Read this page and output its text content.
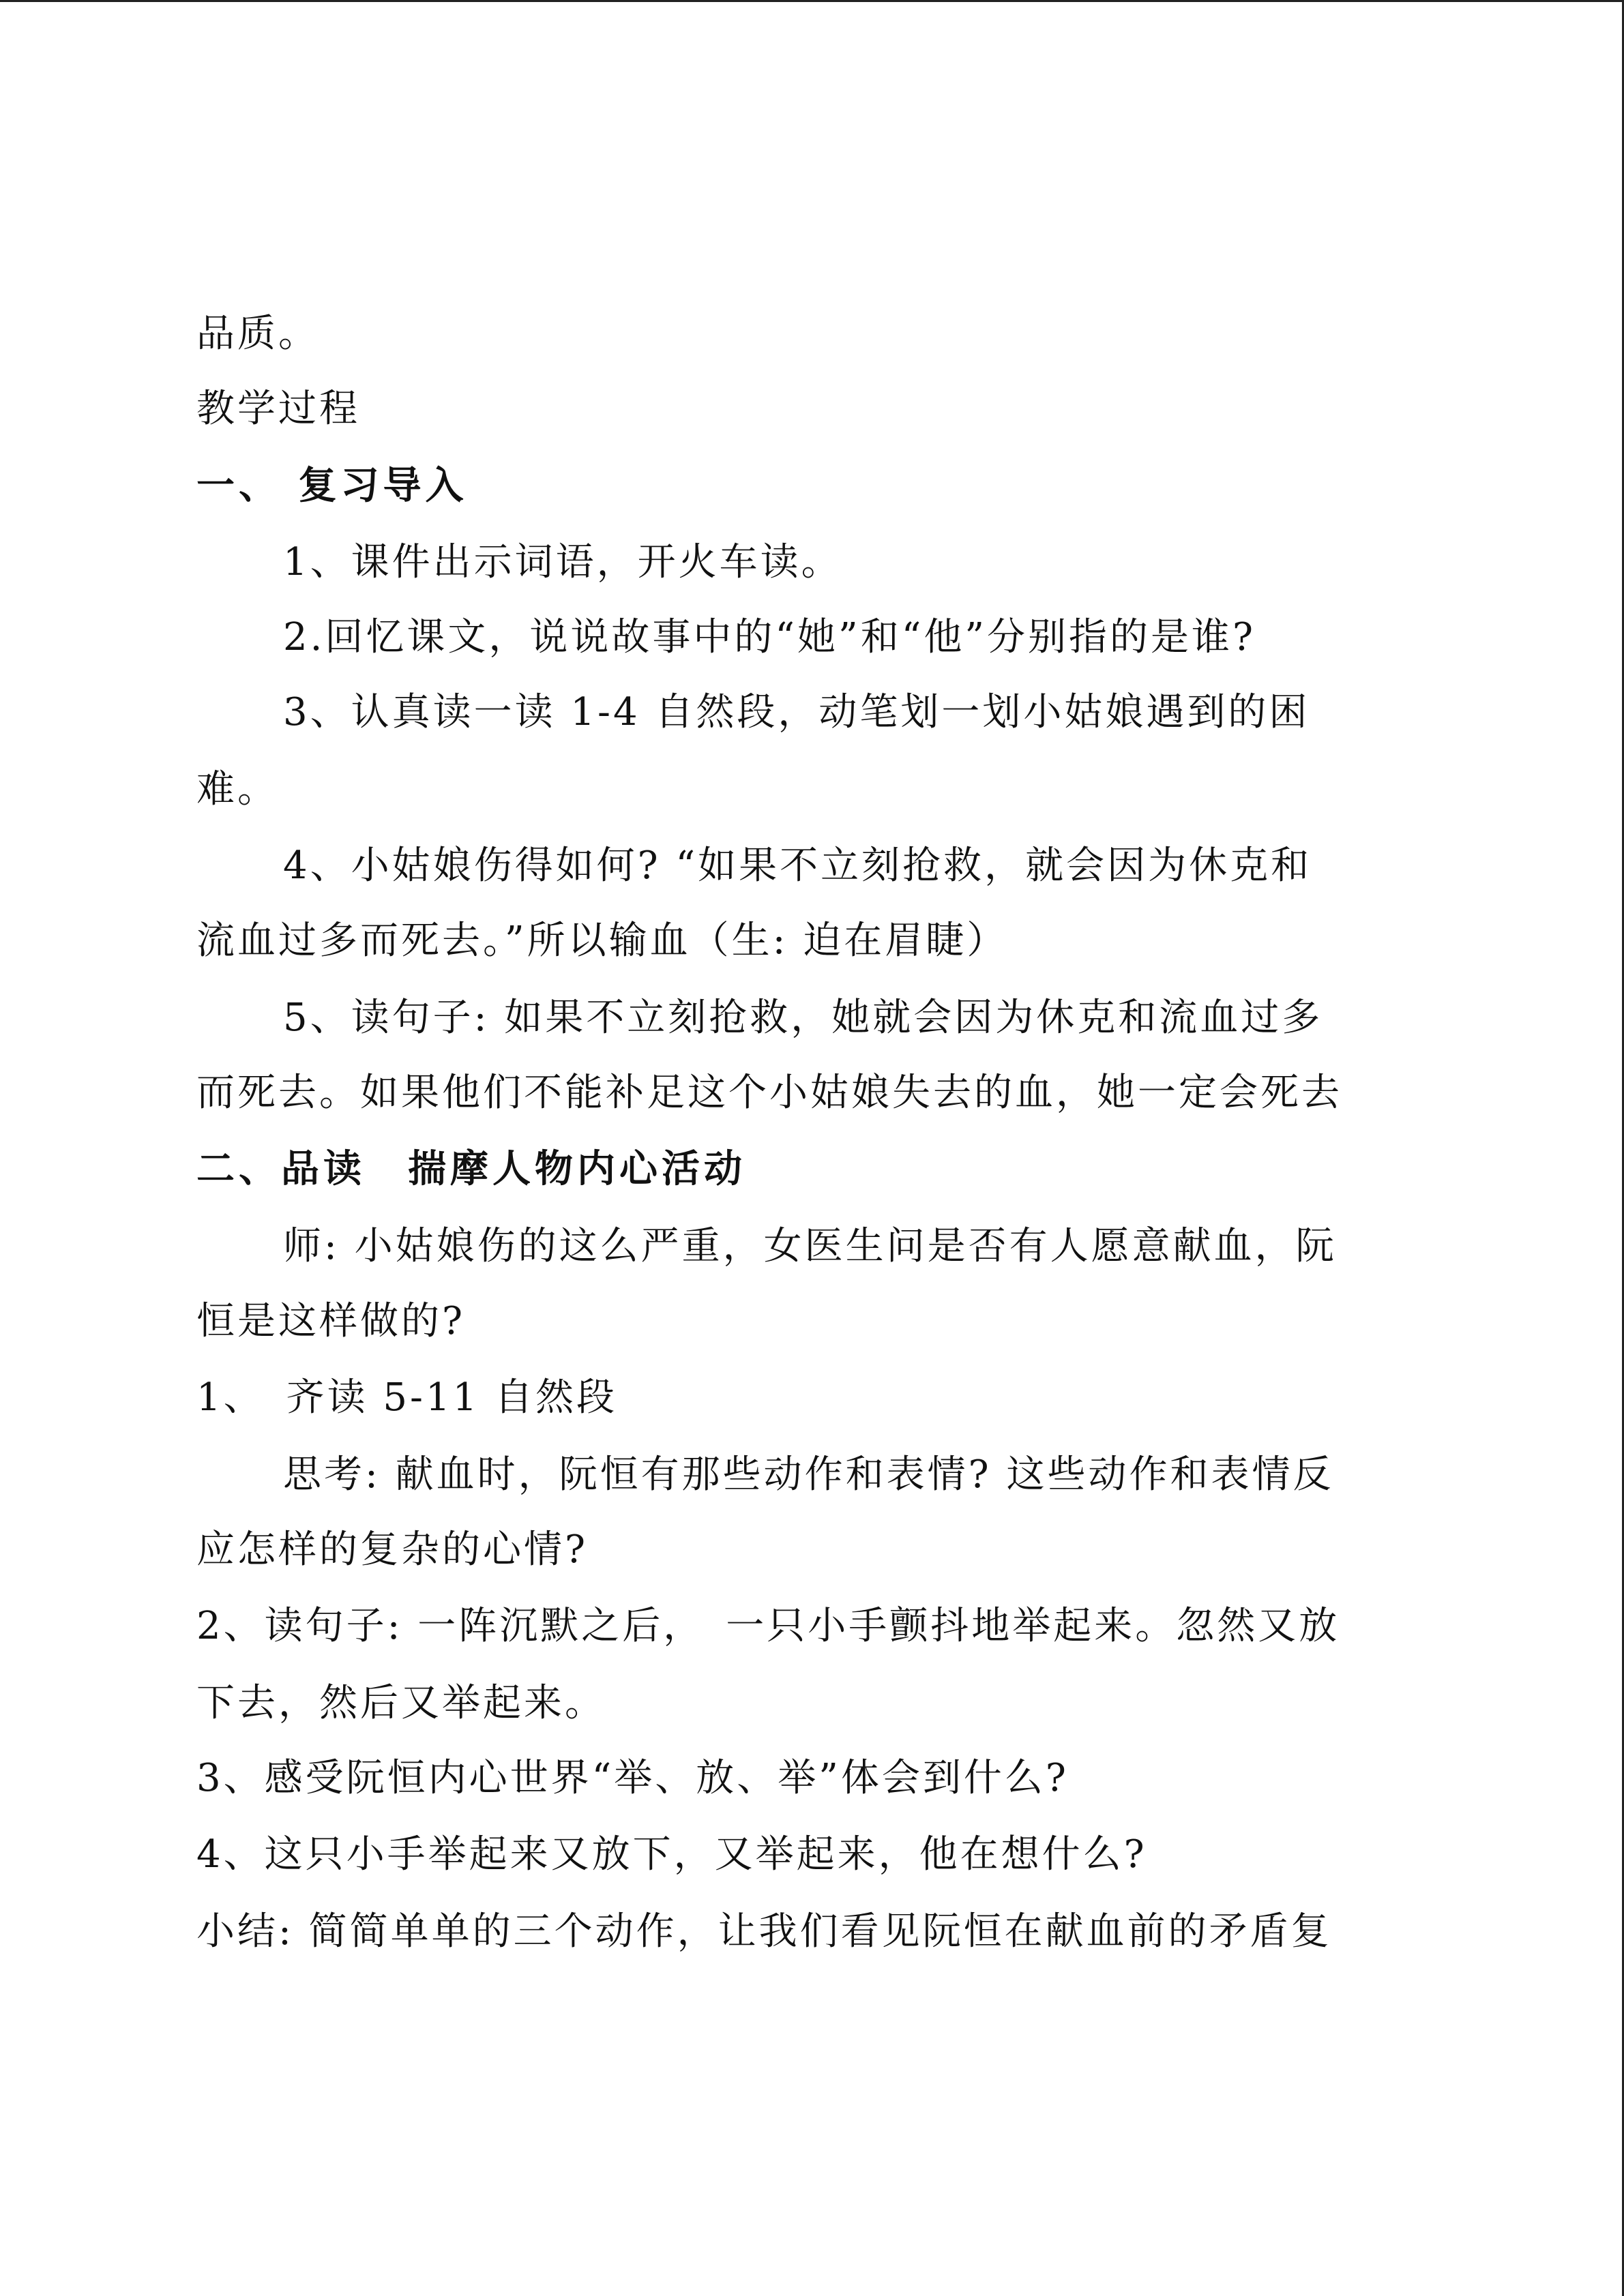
品质。
教学过程
一、 复习导入
1、课件出示词语，开火车读。
2.回忆课文，说说故事中的“她”和“他”分别指的是谁?
3、认真读一读 1-4 自然段，动笔划一划小姑娘遇到的困
难。
4、小姑娘伤得如何? “如果不立刻抢救，就会因为休克和
流血过多而死去。”所以输血（生: 迫在眉睫）
5、读句子: 如果不立刻抢救，她就会因为休克和流血过多
而死去。如果他们不能补足这个小姑娘失去的血，她一定会死去
二、品读　揣摩人物内心活动
师: 小姑娘伤的这么严重，女医生问是否有人愿意献血，阮
恒是这样做的?
1、　齐读 5-11 自然段
思考: 献血时，阮恒有那些动作和表情? 这些动作和表情反
应怎样的复杂的心情?
2、读句子: 一阵沉默之后，　一只小手颤抖地举起来。忽然又放
下去，然后又举起来。
3、感受阮恒内心世界“举、放、举”体会到什么?
4、这只小手举起来又放下，又举起来，他在想什么?
小结: 简简单单的三个动作，让我们看见阮恒在献血前的矛盾复
